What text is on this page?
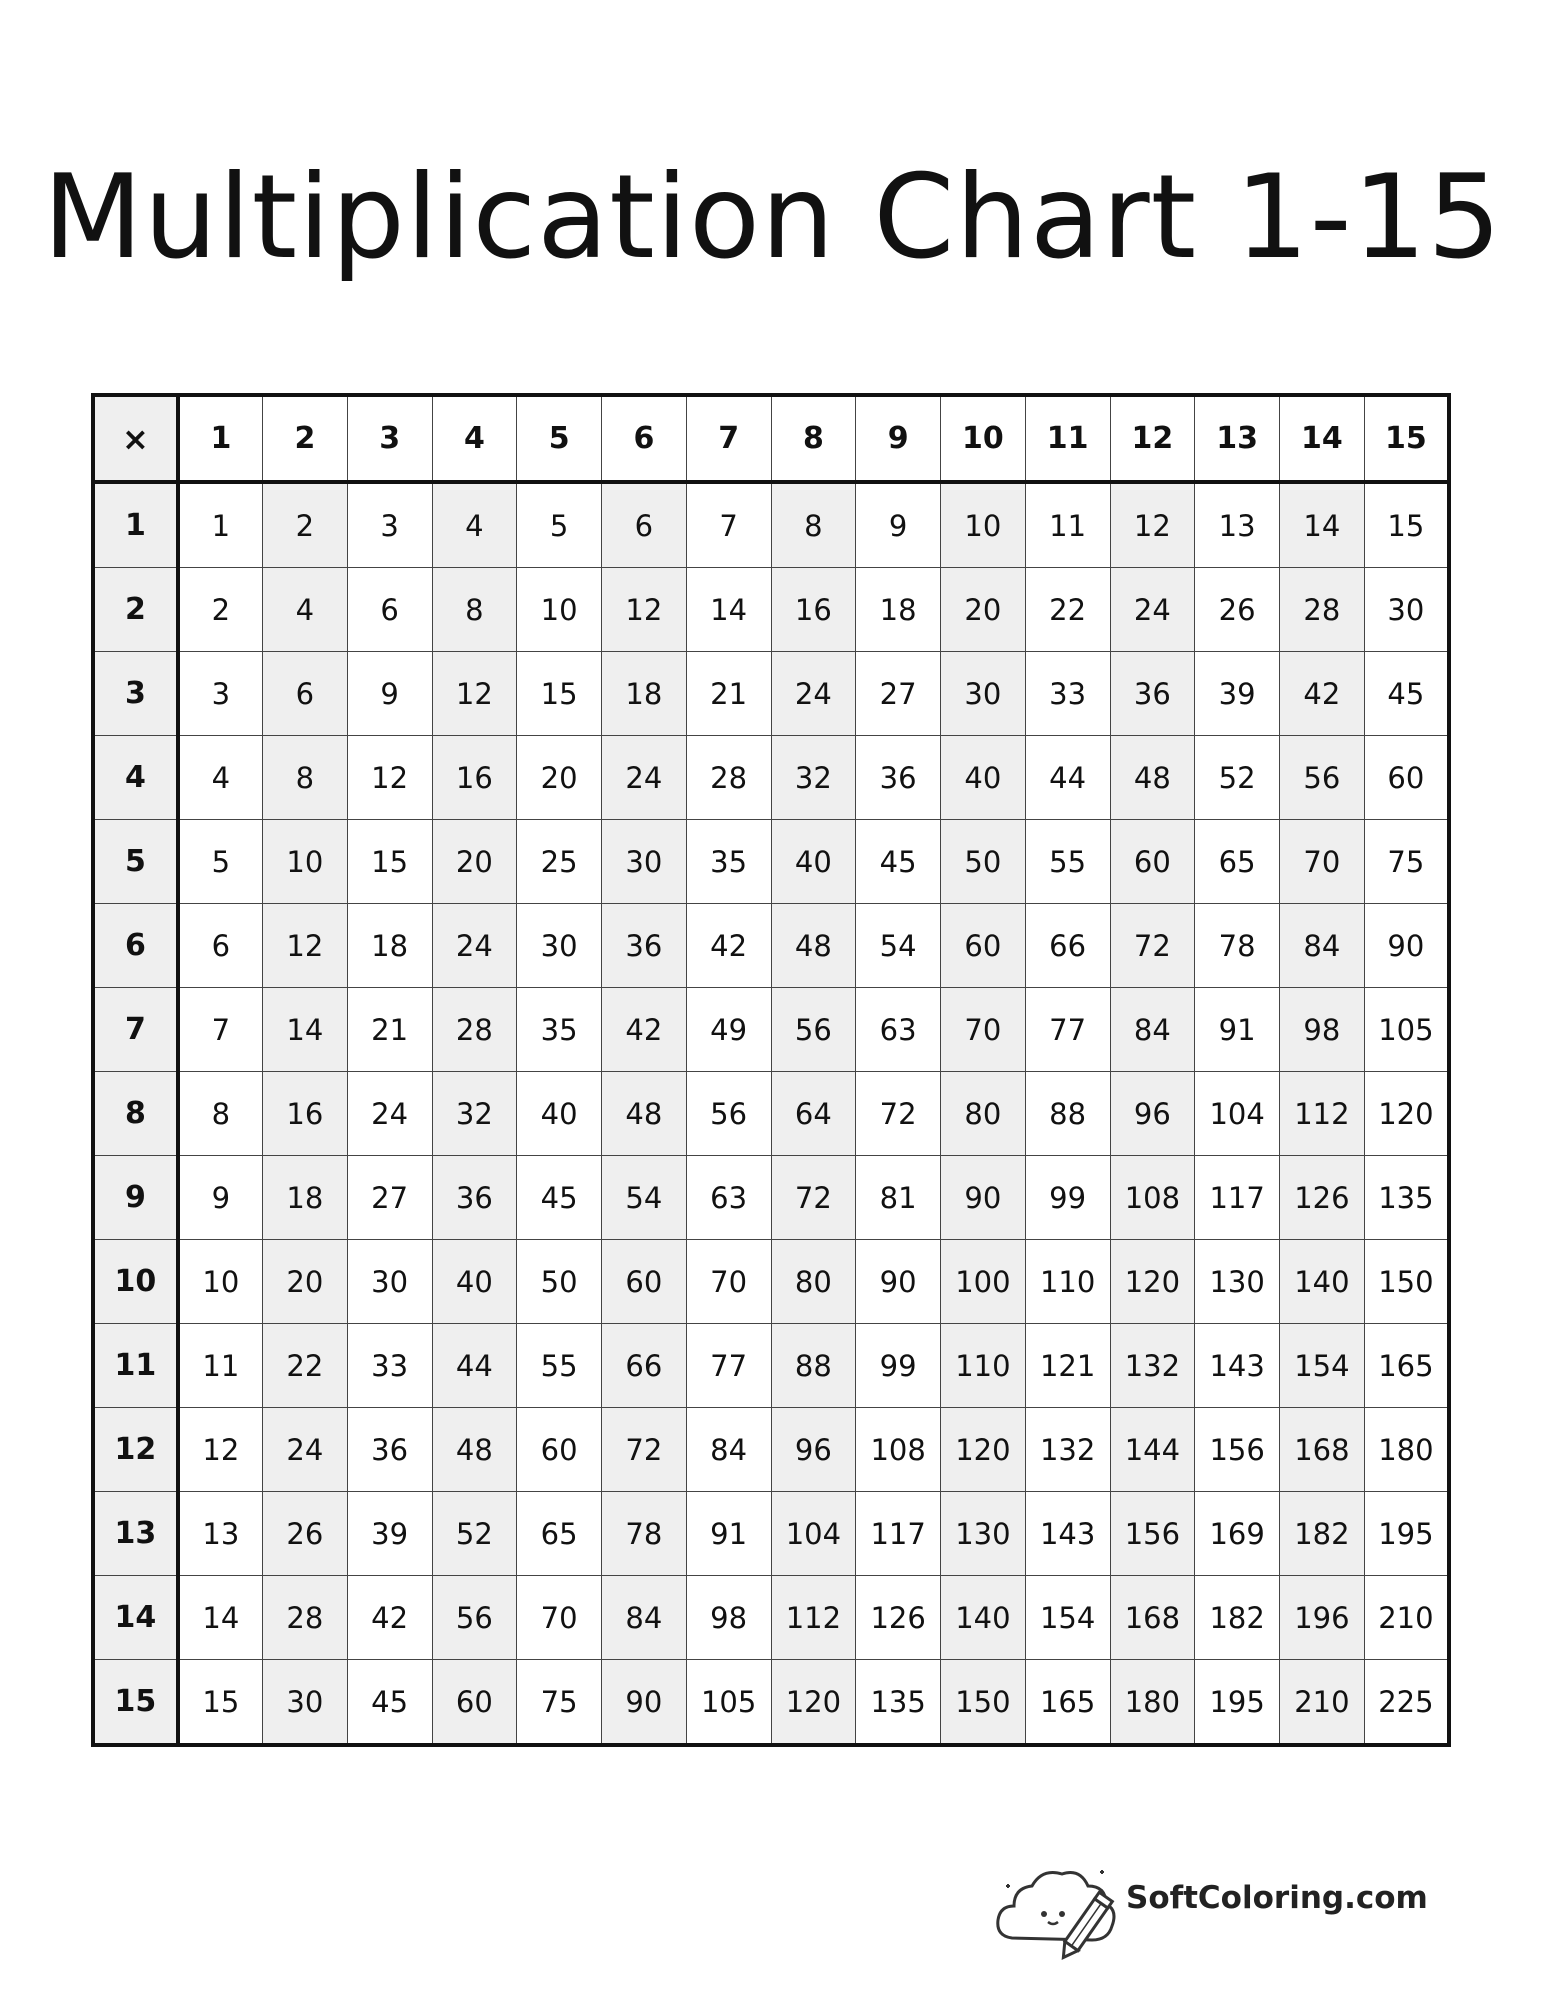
Multiplication Chart 1-15
×	1	2	3	4	5	6	7	8	9	10	11	12	13	14	15
1	1	2	3	4	5	6	7	8	9	10	11	12	13	14	15
2	2	4	6	8	10	12	14	16	18	20	22	24	26	28	30
3	3	6	9	12	15	18	21	24	27	30	33	36	39	42	45
4	4	8	12	16	20	24	28	32	36	40	44	48	52	56	60
5	5	10	15	20	25	30	35	40	45	50	55	60	65	70	75
6	6	12	18	24	30	36	42	48	54	60	66	72	78	84	90
7	7	14	21	28	35	42	49	56	63	70	77	84	91	98	105
8	8	16	24	32	40	48	56	64	72	80	88	96	104	112	120
9	9	18	27	36	45	54	63	72	81	90	99	108	117	126	135
10	10	20	30	40	50	60	70	80	90	100	110	120	130	140	150
11	11	22	33	44	55	66	77	88	99	110	121	132	143	154	165
12	12	24	36	48	60	72	84	96	108	120	132	144	156	168	180
13	13	26	39	52	65	78	91	104	117	130	143	156	169	182	195
14	14	28	42	56	70	84	98	112	126	140	154	168	182	196	210
15	15	30	45	60	75	90	105	120	135	150	165	180	195	210	225
SoftColoring.com
